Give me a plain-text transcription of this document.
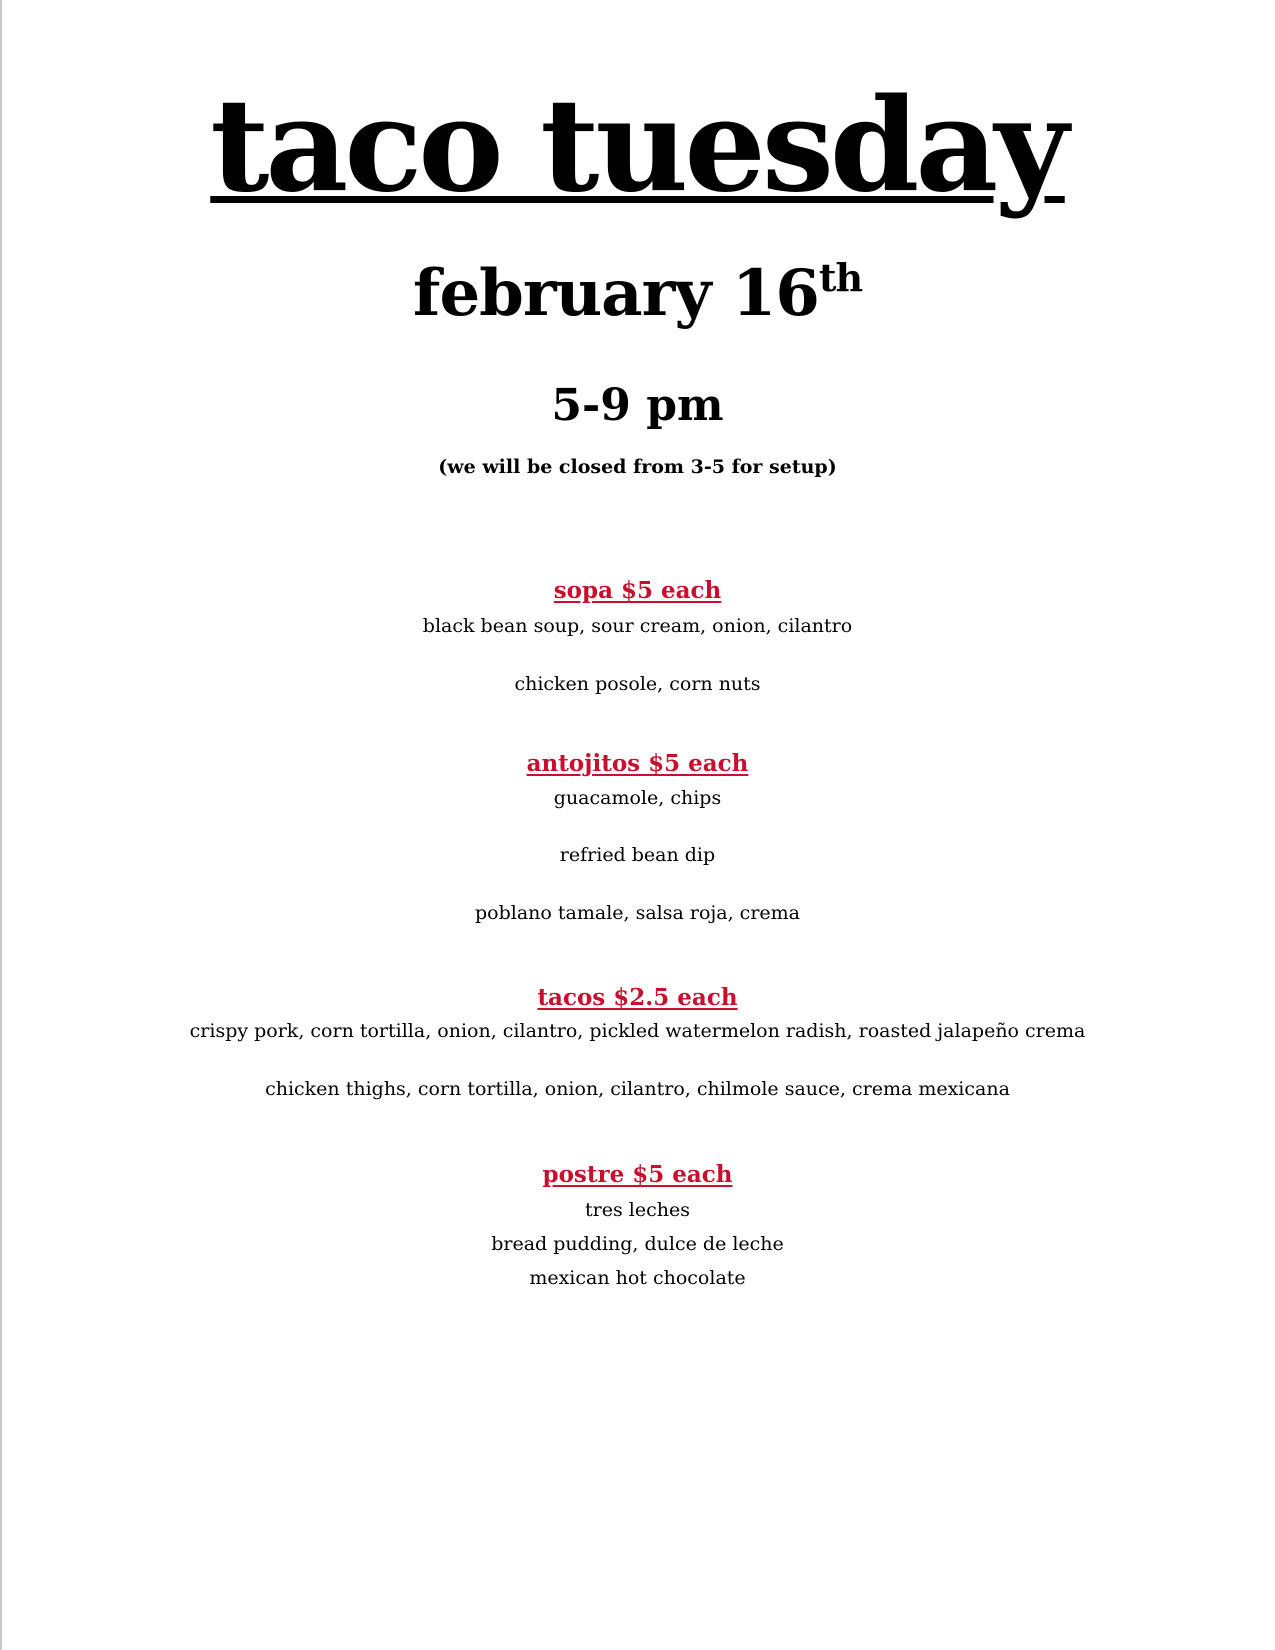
taco tuesday
february 16th
5-9 pm
(we will be closed from 3-5 for setup)
sopa $5 each
black bean soup, sour cream, onion, cilantro
chicken posole, corn nuts
antojitos $5 each
guacamole, chips
refried bean dip
poblano tamale, salsa roja, crema
tacos $2.5 each
crispy pork, corn tortilla, onion, cilantro, pickled watermelon radish, roasted jalapeño crema
chicken thighs, corn tortilla, onion, cilantro, chilmole sauce, crema mexicana
postre $5 each
tres leches
bread pudding, dulce de leche
mexican hot chocolate
